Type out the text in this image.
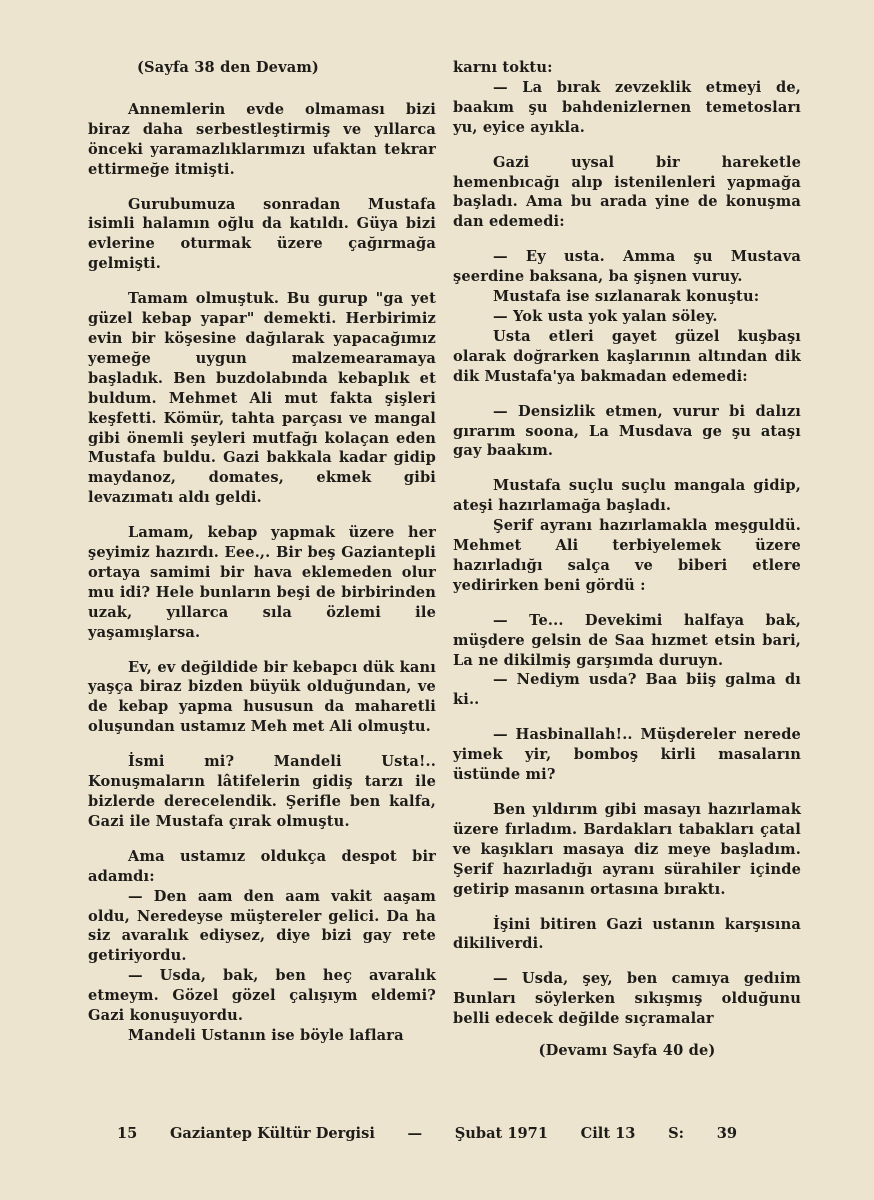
(Sayfa 38 den Devam)

Annemlerin evde olmaması bizi biraz daha serbestleştirmiş ve yıllarca önceki yaramazlıklarımızı ufaktan tekrar ettirmeğe itmişti.

Gurubumuza sonradan Mustafa isimli halamın oğlu da katıldı. Güya bizi evlerine oturmak üzere çağırmağa gelmişti.

Tamam olmuştuk. Bu gurup "ga yet güzel kebap yapar" demekti. Herbirimiz evin bir köşesine dağılarak yapacağımız yemeğe uygun malzemearamaya başladık. Ben buzdolabında kebaplık et buldum. Mehmet Ali mut fakta şişleri keşfetti. Kömür, tahta parçası ve mangal gibi önemli şeyleri mutfağı kolaçan eden Mustafa buldu. Gazi bakkala kadar gidip maydanoz, domates, ekmek gibi levazımatı aldı geldi.

Lamam, kebap yapmak üzere her şeyimiz hazırdı. Eee.,. Bir beş Gaziantepli ortaya samimi bir hava eklemeden olur mu idi? Hele bunların beşi de birbirinden uzak, yıllarca sıla özlemi ile yaşamışlarsa.

Ev, ev değildide bir kebapcı dük kanı yaşça biraz bizden büyük olduğundan, ve de kebap yapma hususun da maharetli oluşundan ustamız Meh met Ali olmuştu.

İsmi mi? Mandeli Usta!.. Konuşmaların lâtifelerin gidiş tarzı ile bizlerde derecelendik. Şerifle ben kalfa, Gazi ile Mustafa çırak olmuştu.

Ama ustamız oldukça despot bir adamdı:

— Den aam den aam vakit aaşam oldu, Neredeyse müştereler gelici. Da ha siz avaralık ediysez, diye bizi gay rete getiriyordu.

— Usda, bak, ben heç avaralık etmeym. Gözel gözel çalışıym eldemi? Gazi konuşuyordu.

Mandeli Ustanın ise böyle laflara

karnı toktu:

— La bırak zevzeklik etmeyi de, baakım şu bahdenizlernen temetosları yu, eyice ayıkla.

Gazi uysal bir hareketle hemenbıcağı alıp istenilenleri yapmağa başladı. Ama bu arada yine de konuşma dan edemedi:

— Ey usta. Amma şu Mustava şeerdine baksana, ba şişnen vuruy.

Mustafa ise sızlanarak konuştu:

— Yok usta yok yalan söley.

Usta etleri gayet güzel kuşbaşı olarak doğrarken kaşlarının altından dik dik Mustafa'ya bakmadan edemedi:

— Densizlik etmen, vurur bi dalızı gırarım soona, La Musdava ge şu ataşı gay baakım.

Mustafa suçlu suçlu mangala gidip, ateşi hazırlamağa başladı.

Şerif ayranı hazırlamakla meşguldü. Mehmet Ali terbiyelemek üzere hazırladığı salça ve biberi etlere yedirirken beni gördü :

— Te... Devekimi halfaya bak, müşdere gelsin de Saa hızmet etsin bari, La ne dikilmiş garşımda duruyn.

— Nediym usda? Baa biiş galma dı ki..

— Hasbinallah!.. Müşdereler nerede yimek yir, bomboş kirli masaların üstünde mi?

Ben yıldırım gibi masayı hazırlamak üzere fırladım. Bardakları tabakları çatal ve kaşıkları masaya diz meye başladım. Şerif hazırladığı ayranı sürahiler içinde getirip masanın ortasına bıraktı.

İşini bitiren Gazi ustanın karşısına dikiliverdi.

— Usda, şey, ben camıya gedıim Bunları söylerken sıkışmış olduğunu belli edecek değilde sıçramalar

(Devamı Sayfa 40 de)

15 Gaziantep Kültür Dergisi — Şubat 1971 Cilt 13 S: 39
